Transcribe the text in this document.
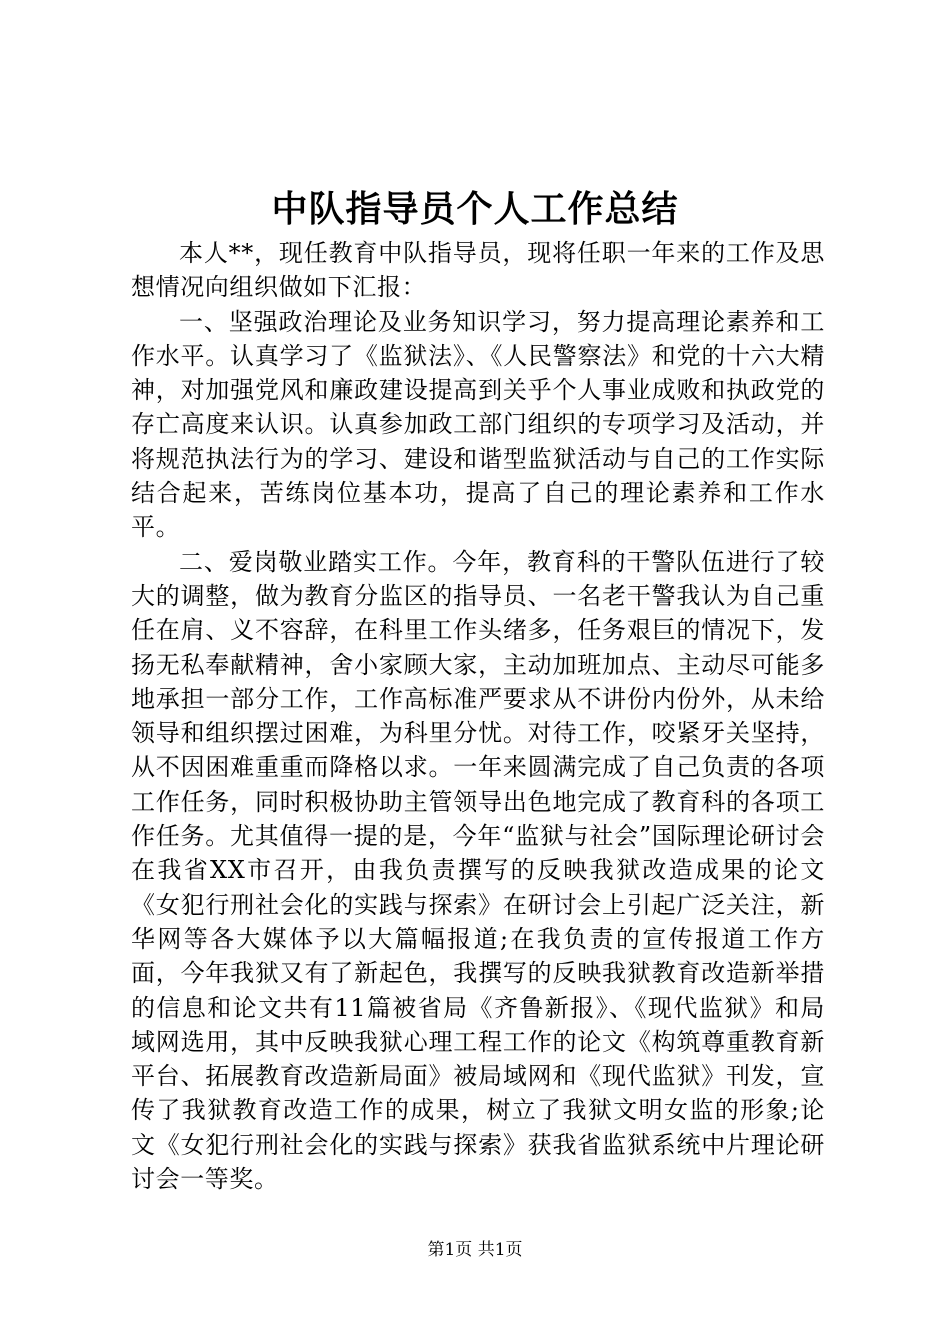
中队指导员个人工作总结

本人**，现任教育中队指导员，现将任职一年来的工作及思想情况向组织做如下汇报：

一、坚强政治理论及业务知识学习，努力提高理论素养和工作水平。认真学习了《监狱法》、《人民警察法》和党的十六大精神，对加强党风和廉政建设提高到关乎个人事业成败和执政党的存亡高度来认识。认真参加政工部门组织的专项学习及活动，并将规范执法行为的学习、建设和谐型监狱活动与自己的工作实际结合起来，苦练岗位基本功，提高了自己的理论素养和工作水平。

二、爱岗敬业踏实工作。今年，教育科的干警队伍进行了较大的调整，做为教育分监区的指导员、一名老干警我认为自己重任在肩、义不容辞，在科里工作头绪多，任务艰巨的情况下，发扬无私奉献精神，舍小家顾大家，主动加班加点、主动尽可能多地承担一部分工作，工作高标准严要求从不讲份内份外，从未给领导和组织摆过困难，为科里分忧。对待工作，咬紧牙关坚持，从不因困难重重而降格以求。一年来圆满完成了自己负责的各项工作任务，同时积极协助主管领导出色地完成了教育科的各项工作任务。尤其值得一提的是，今年“监狱与社会”国际理论研讨会在我省XX市召开，由我负责撰写的反映我狱改造成果的论文《女犯行刑社会化的实践与探索》在研讨会上引起广泛关注，新华网等各大媒体予以大篇幅报道;在我负责的宣传报道工作方面，今年我狱又有了新起色，我撰写的反映我狱教育改造新举措的信息和论文共有11篇被省局《齐鲁新报》、《现代监狱》和局域网选用，其中反映我狱心理工程工作的论文《构筑尊重教育新平台、拓展教育改造新局面》被局域网和《现代监狱》刊发，宣传了我狱教育改造工作的成果，树立了我狱文明女监的形象;论文《女犯行刑社会化的实践与探索》获我省监狱系统中片理论研讨会一等奖。

第1页 共1页
